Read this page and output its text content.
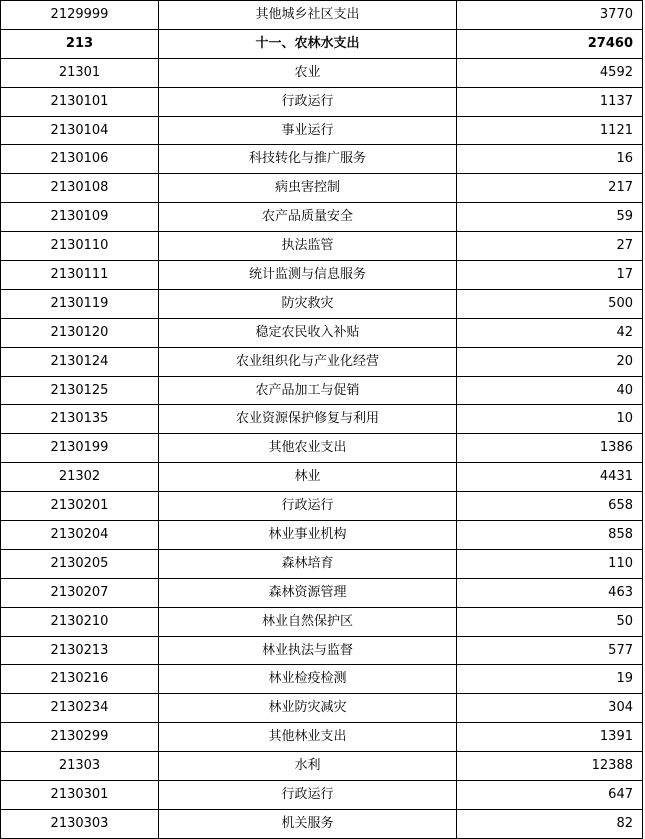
2129999	其他城乡社区支出	3770
213	十一、农林水支出	27460
21301	农业	4592
2130101	行政运行	1137
2130104	事业运行	1121
2130106	科技转化与推广服务	16
2130108	病虫害控制	217
2130109	农产品质量安全	59
2130110	执法监管	27
2130111	统计监测与信息服务	17
2130119	防灾救灾	500
2130120	稳定农民收入补贴	42
2130124	农业组织化与产业化经营	20
2130125	农产品加工与促销	40
2130135	农业资源保护修复与利用	10
2130199	其他农业支出	1386
21302	林业	4431
2130201	行政运行	658
2130204	林业事业机构	858
2130205	森林培育	110
2130207	森林资源管理	463
2130210	林业自然保护区	50
2130213	林业执法与监督	577
2130216	林业检疫检测	19
2130234	林业防灾减灾	304
2130299	其他林业支出	1391
21303	水利	12388
2130301	行政运行	647
2130303	机关服务	82
